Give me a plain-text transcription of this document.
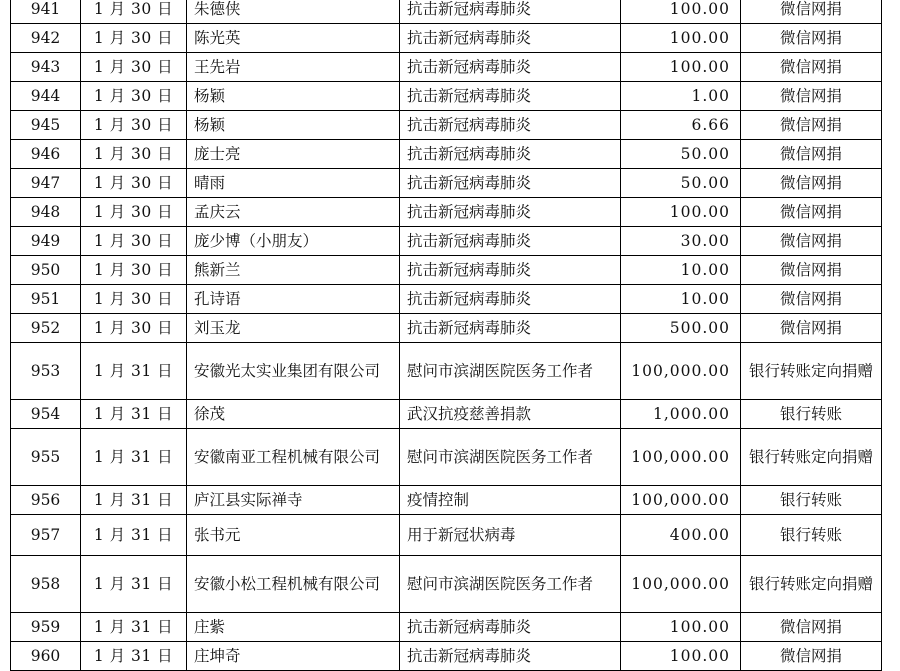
941	1 月 30 日	朱德侠	抗击新冠病毒肺炎	100.00	微信网捐
942	1 月 30 日	陈光英	抗击新冠病毒肺炎	100.00	微信网捐
943	1 月 30 日	王先岩	抗击新冠病毒肺炎	100.00	微信网捐
944	1 月 30 日	杨颖	抗击新冠病毒肺炎	1.00	微信网捐
945	1 月 30 日	杨颖	抗击新冠病毒肺炎	6.66	微信网捐
946	1 月 30 日	庞士亮	抗击新冠病毒肺炎	50.00	微信网捐
947	1 月 30 日	晴雨	抗击新冠病毒肺炎	50.00	微信网捐
948	1 月 30 日	孟庆云	抗击新冠病毒肺炎	100.00	微信网捐
949	1 月 30 日	庞少博（小朋友）	抗击新冠病毒肺炎	30.00	微信网捐
950	1 月 30 日	熊新兰	抗击新冠病毒肺炎	10.00	微信网捐
951	1 月 30 日	孔诗语	抗击新冠病毒肺炎	10.00	微信网捐
952	1 月 30 日	刘玉龙	抗击新冠病毒肺炎	500.00	微信网捐
953	1 月 31 日	安徽光太实业集团有限公司	慰问市滨湖医院医务工作者	100,000.00	银行转账定向捐赠
954	1 月 31 日	徐茂	武汉抗疫慈善捐款	1,000.00	银行转账
955	1 月 31 日	安徽南亚工程机械有限公司	慰问市滨湖医院医务工作者	100,000.00	银行转账定向捐赠
956	1 月 31 日	庐江县实际禅寺	疫情控制	100,000.00	银行转账
957	1 月 31 日	张书元	用于新冠状病毒	400.00	银行转账
958	1 月 31 日	安徽小松工程机械有限公司	慰问市滨湖医院医务工作者	100,000.00	银行转账定向捐赠
959	1 月 31 日	庄紫	抗击新冠病毒肺炎	100.00	微信网捐
960	1 月 31 日	庄坤奇	抗击新冠病毒肺炎	100.00	微信网捐
